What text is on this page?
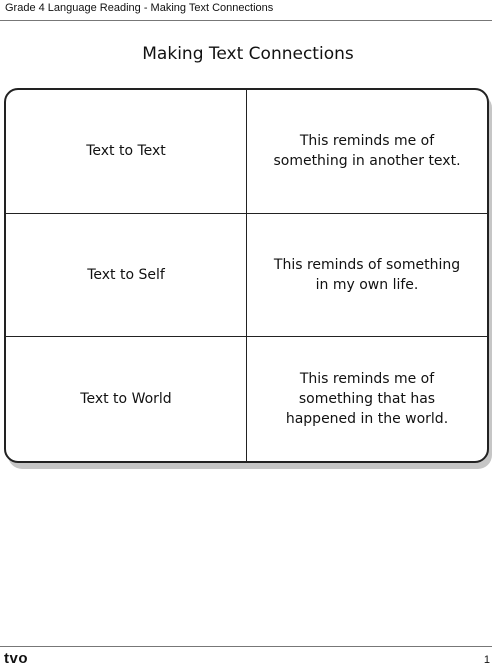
Grade 4 Language Reading - Making Text Connections
Making Text Connections
Text to Text
This reminds me of
something in another text.
Text to Self
This reminds of something
in my own life.
Text to World
This reminds me of
something that has
happened in the world.
tvo	1
